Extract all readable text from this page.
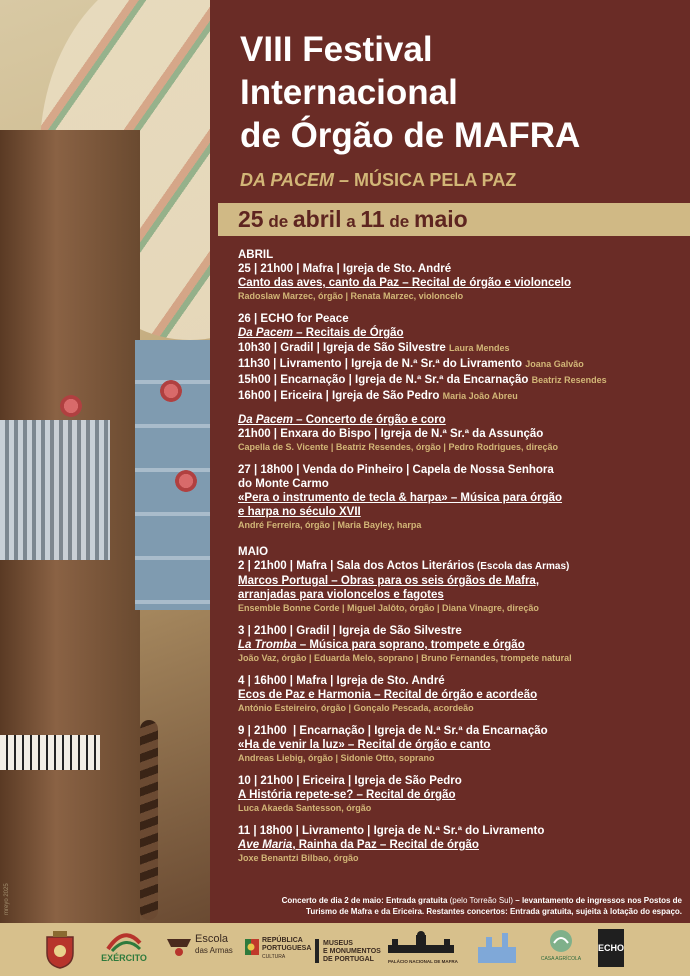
mreyo 2025
VIII Festival
Internacional
de Órgão de MAFRA
DA PACEM – MÚSICA PELA PAZ
25 de abril a 11 de maio
ABRIL
25 | 21h00 | Mafra | Igreja de Sto. André
Canto das aves, canto da Paz – Recital de órgão e violoncelo
Radoslaw Marzec, órgão | Renata Marzec, violoncelo
26 | ECHO for Peace
Da Pacem – Recitais de Órgão
10h30 | Gradil | Igreja de São Silvestre Laura Mendes
11h30 | Livramento | Igreja de N.ª Sr.ª do Livramento Joana Galvão
15h00 | Encarnação | Igreja de N.ª Sr.ª da Encarnação Beatriz Resendes
16h00 | Ericeira | Igreja de São Pedro Maria João Abreu
Da Pacem – Concerto de órgão e coro
21h00 | Enxara do Bispo | Igreja de N.ª Sr.ª da Assunção
Capella de S. Vicente | Beatriz Resendes, órgão | Pedro Rodrigues, direção
27 | 18h00 | Venda do Pinheiro | Capela de Nossa Senhora
do Monte Carmo
«Pera o instrumento de tecla & harpa» – Música para órgão
e harpa no século XVII
André Ferreira, órgão | Maria Bayley, harpa
MAIO
2 | 21h00 | Mafra | Sala dos Actos Literários (Escola das Armas)
Marcos Portugal – Obras para os seis órgãos de Mafra,
arranjadas para violoncelos e fagotes
Ensemble Bonne Corde | Miguel Jalôto, órgão | Diana Vinagre, direção
3 | 21h00 | Gradil | Igreja de São Silvestre
La Tromba – Música para soprano, trompete e órgão
João Vaz, órgão | Eduarda Melo, soprano | Bruno Fernandes, trompete natural
4 | 16h00 | Mafra | Igreja de Sto. André
Ecos de Paz e Harmonia – Recital de órgão e acordeão
António Esteireiro, órgão | Gonçalo Pescada, acordeão
9 | 21h00  | Encarnação | Igreja de N.ª Sr.ª da Encarnação
«Ha de venir la luz» – Recital de órgão e canto
Andreas Liebig, órgão | Sidonie Otto, soprano
10 | 21h00 | Ericeira | Igreja de São Pedro
A História repete-se? – Recital de órgão
Luca Akaeda Santesson, órgão
11 | 18h00 | Livramento | Igreja de N.ª Sr.ª do Livramento
Ave Maria, Rainha da Paz – Recital de órgão
Joxe Benantzi Bilbao, órgão
Concerto de dia 2 de maio: Entrada gratuita (pelo Torreão Sul) – levantamento de ingressos nos Postos de
Turismo de Mafra e da Ericeira. Restantes concertos: Entrada gratuita, sujeita à lotação do espaço.
EXÉRCITO
Escola
das Armas
REPÚBLICA
PORTUGUESA
CULTURA
MUSEUS
E MONUMENTOS
DE PORTUGAL	PALÁCIO NACIONAL DE MAFRA	CASA AGRÍCOLA
ECHO
